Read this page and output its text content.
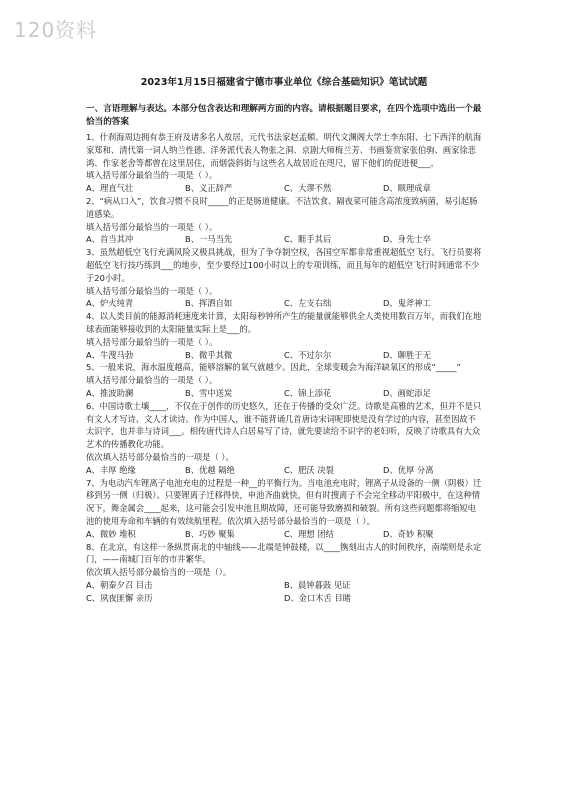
120资料
2023年1月15日福建省宁德市事业单位《综合基础知识》笔试试题
一、言语理解与表达。本部分包含表达和理解两方面的内容。请根据题目要求，在四个选项中选出一个最恰当的答案

1、什刹海周边拥有恭王府及诸多名人故居，元代书法家赵孟頫、明代文渊阁大学士李东阳、七下西洋的航海家郑和、清代第一词人纳兰性德、洋务派代表人物张之洞、京剧大师梅兰芳、书画鉴赏家张伯驹、画家徐悲鸿、作家老舍等都曾在这里居住，而烟袋斜街与这些名人故居近在咫尺，留下他们的促进便___。

填入括号部分最恰当的一项是（ ）。

A、理直气壮	B、义正辞严	C、大谬不然	D、顺理成章

2、“病从口入”，饮食习惯不良时_____的正是肠道健康。不洁饮食、隔夜菜可能含高浓度致病菌，易引起肠道感染。

填入括号部分最恰当的一项是（ ）。

A、首当其冲	B、一马当先	C、睚手其后	D、身先士卒

3、虽然超低空飞行充满风险又极具挑战，但为了争夺制空权，各国空军都非常重视超低空飞行。飞行员要将超低空飞行技巧练到___的地步，至少要经过100小时以上的专项训练，而且每年的超低空飞行时间通常不少于20小时。

填入括号部分最恰当的一项是（ ）。

A、炉火纯青	B、挥洒自如	C、左支右绌	D、鬼斧神工

4、以人类目前的能源消耗速度来计算，太阳每秒钟所产生的能量就能够供全人类使用数百万年，而我们在地球表面能够接收到的太阳能量实际上是___的。

填入括号部分最恰当的一项是（ ）。

A、牛溲马勃	B、微乎其微	C、不过尔尔	D、聊胜于无

5、一般来说，海水温度越高，能够溶解的氧气就越少。因此，全球变暖会为海洋缺氧区的形成“_____”

填入括号部分最恰当的一项是（ ）。

A、推波助澜	B、雪中送炭	C、锦上添花	D、画蛇添足

6、中国诗歌土壤____，不仅在于创作的历史悠久，还在于传播的受众广泛。诗歌是高雅的艺术，但并不是只有文人才写诗、文人才读诗。作为中国人，谁不能背诵几首唐诗宋词呢即使是没有学过的内容，甚至因故不太识字，也并非与诗词___。相传唐代诗人白居易写了诗，就先要读给不识字的老妇听，反映了诗歌具有大众艺术的传播教化功能。

依次填入括号部分最恰当的一项是（ ）。

A、丰厚 绝缘	B、优越 隔绝	C、肥沃 决裂	D、优厚 分离

7、为电动汽车锂离子电池充电的过程是一种__的平衡行为。当电池充电时，锂离子从设备的一侧（阴极）迁移到另一侧（归极）。只要锂离子迁移得快，申池齐曲就快，但有时搜离子不会完全移动平阳极中，在这种情况下，舞金属会____起来，这可能会引发申池且期故障，还可能导致磨损和破裂。所有这些问题都将缩短电池的使用寿命和车辆的有效续航里程。依次填入括号部分最恰当的一项是（ ）。

A、微妙 堆积	B、巧妙 聚集	C、理想 团结	D、奇妙 积聚

8、在北京，有这样一条纵贯南北的中轴线——北端是钟鼓楼，以____镌刻出古人的时间秩序，南端则是永定门，——南城门百年的市井繁华。

依次填入括号部分最恰当的一项是（）。

A、朝秦夕召 目击	B、晨钟暮鼓 见证
C、夙夜匪懈 亲历	D、金口木舌 目睹
